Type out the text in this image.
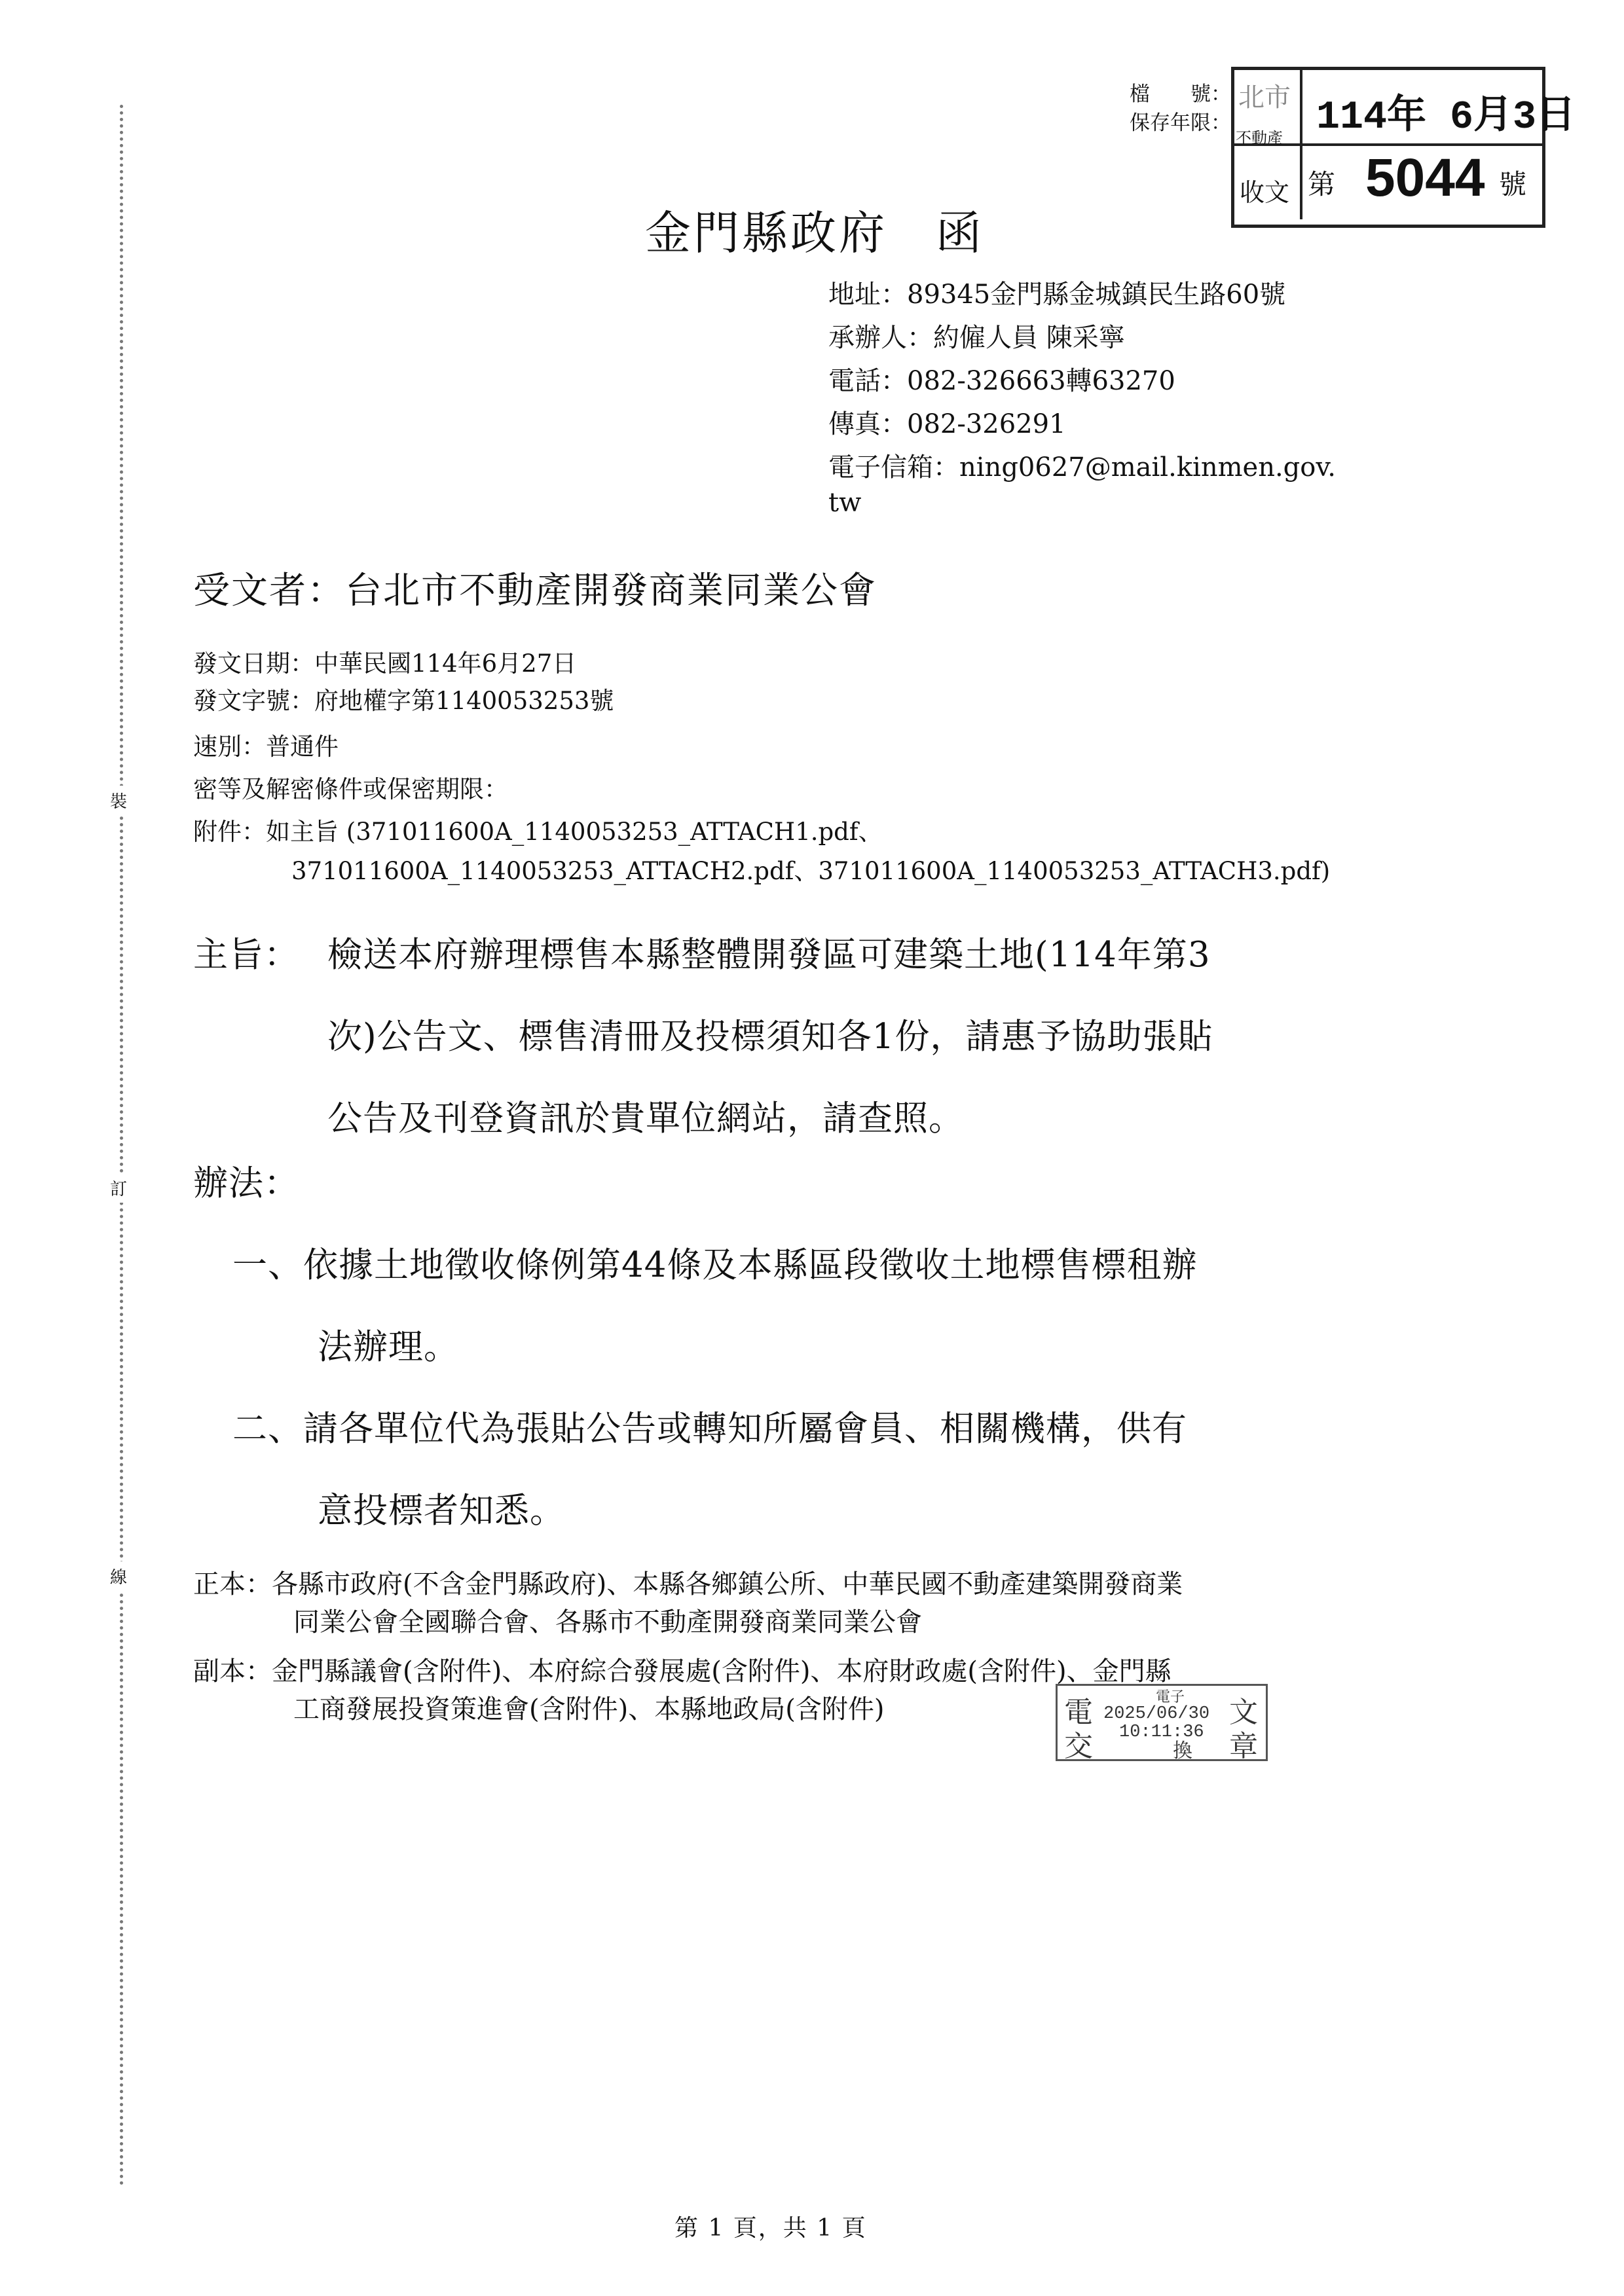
裝
訂
線
檔　　號：
保存年限：
北市
不動產
收文
114年 6月3日
第 5044 號
金門縣政府　函
地址：89345金門縣金城鎮民生路60號
承辦人：約僱人員 陳采寧
電話：082-326663轉63270
傳真：082-326291
電子信箱：ning0627@mail.kinmen.gov.
tw
受文者：台北市不動產開發商業同業公會
發文日期：中華民國114年6月27日
發文字號：府地權字第1140053253號
速別：普通件
密等及解密條件或保密期限：
附件：如主旨 (371011600A_1140053253_ATTACH1.pdf、
371011600A_1140053253_ATTACH2.pdf、371011600A_1140053253_ATTACH3.pdf)
主旨： 檢送本府辦理標售本縣整體開發區可建築土地(114年第3
次)公告文、標售清冊及投標須知各1份，請惠予協助張貼
公告及刊登資訊於貴單位網站，請查照。
辦法：
一、依據土地徵收條例第44條及本縣區段徵收土地標售標租辦
法辦理。
二、請各單位代為張貼公告或轉知所屬會員、相關機構，供有
意投標者知悉。
正本：各縣市政府(不含金門縣政府)、本縣各鄉鎮公所、中華民國不動產建築開發商業
同業公會全國聯合會、各縣市不動產開發商業同業公會
副本：金門縣議會(含附件)、本府綜合發展處(含附件)、本府財政處(含附件)、金門縣
工商發展投資策進會(含附件)、本縣地政局(含附件)	電
交
文
章
電子
換
2025/06/30
10:11:36
第 1 頁，共 1 頁
